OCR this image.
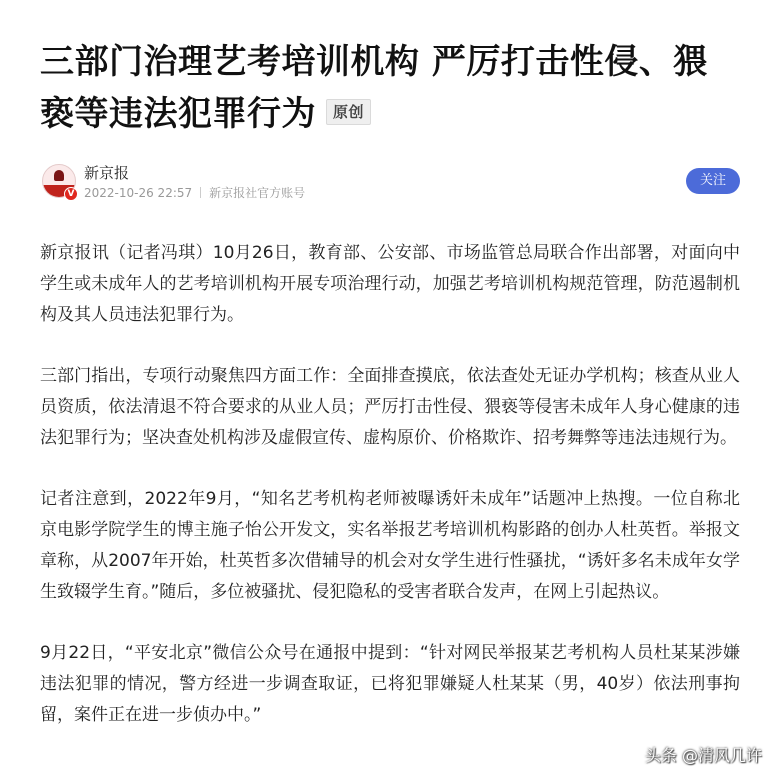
三部门治理艺考培训机构 严厉打击性侵、猥亵等违法犯罪行为 原创
V
新京报
2022-10-26 22:57 新京报社官方账号
关注

新京报讯（记者冯琪）10月26日，教育部、公安部、市场监管总局联合作出部署，对面向中学生或未成年人的艺考培训机构开展专项治理行动，加强艺考培训机构规范管理，防范遏制机构及其人员违法犯罪行为。

三部门指出，专项行动聚焦四方面工作：全面排查摸底，依法查处无证办学机构；核查从业人员资质，依法清退不符合要求的从业人员；严厉打击性侵、猥亵等侵害未成年人身心健康的违法犯罪行为；坚决查处机构涉及虚假宣传、虚构原价、价格欺诈、招考舞弊等违法违规行为。

记者注意到，2022年9月，“知名艺考机构老师被曝诱奸未成年”话题冲上热搜。一位自称北京电影学院学生的博主施子怡公开发文，实名举报艺考培训机构影路的创办人杜英哲。举报文章称，从2007年开始，杜英哲多次借辅导的机会对女学生进行性骚扰，“诱奸多名未成年女学生致辍学生育。”随后，多位被骚扰、侵犯隐私的受害者联合发声，在网上引起热议。

9月22日，“平安北京”微信公众号在通报中提到：“针对网民举报某艺考机构人员杜某某涉嫌违法犯罪的情况，警方经进一步调查取证，已将犯罪嫌疑人杜某某（男，40岁）依法刑事拘留，案件正在进一步侦办中。”

头条 @清风几许
